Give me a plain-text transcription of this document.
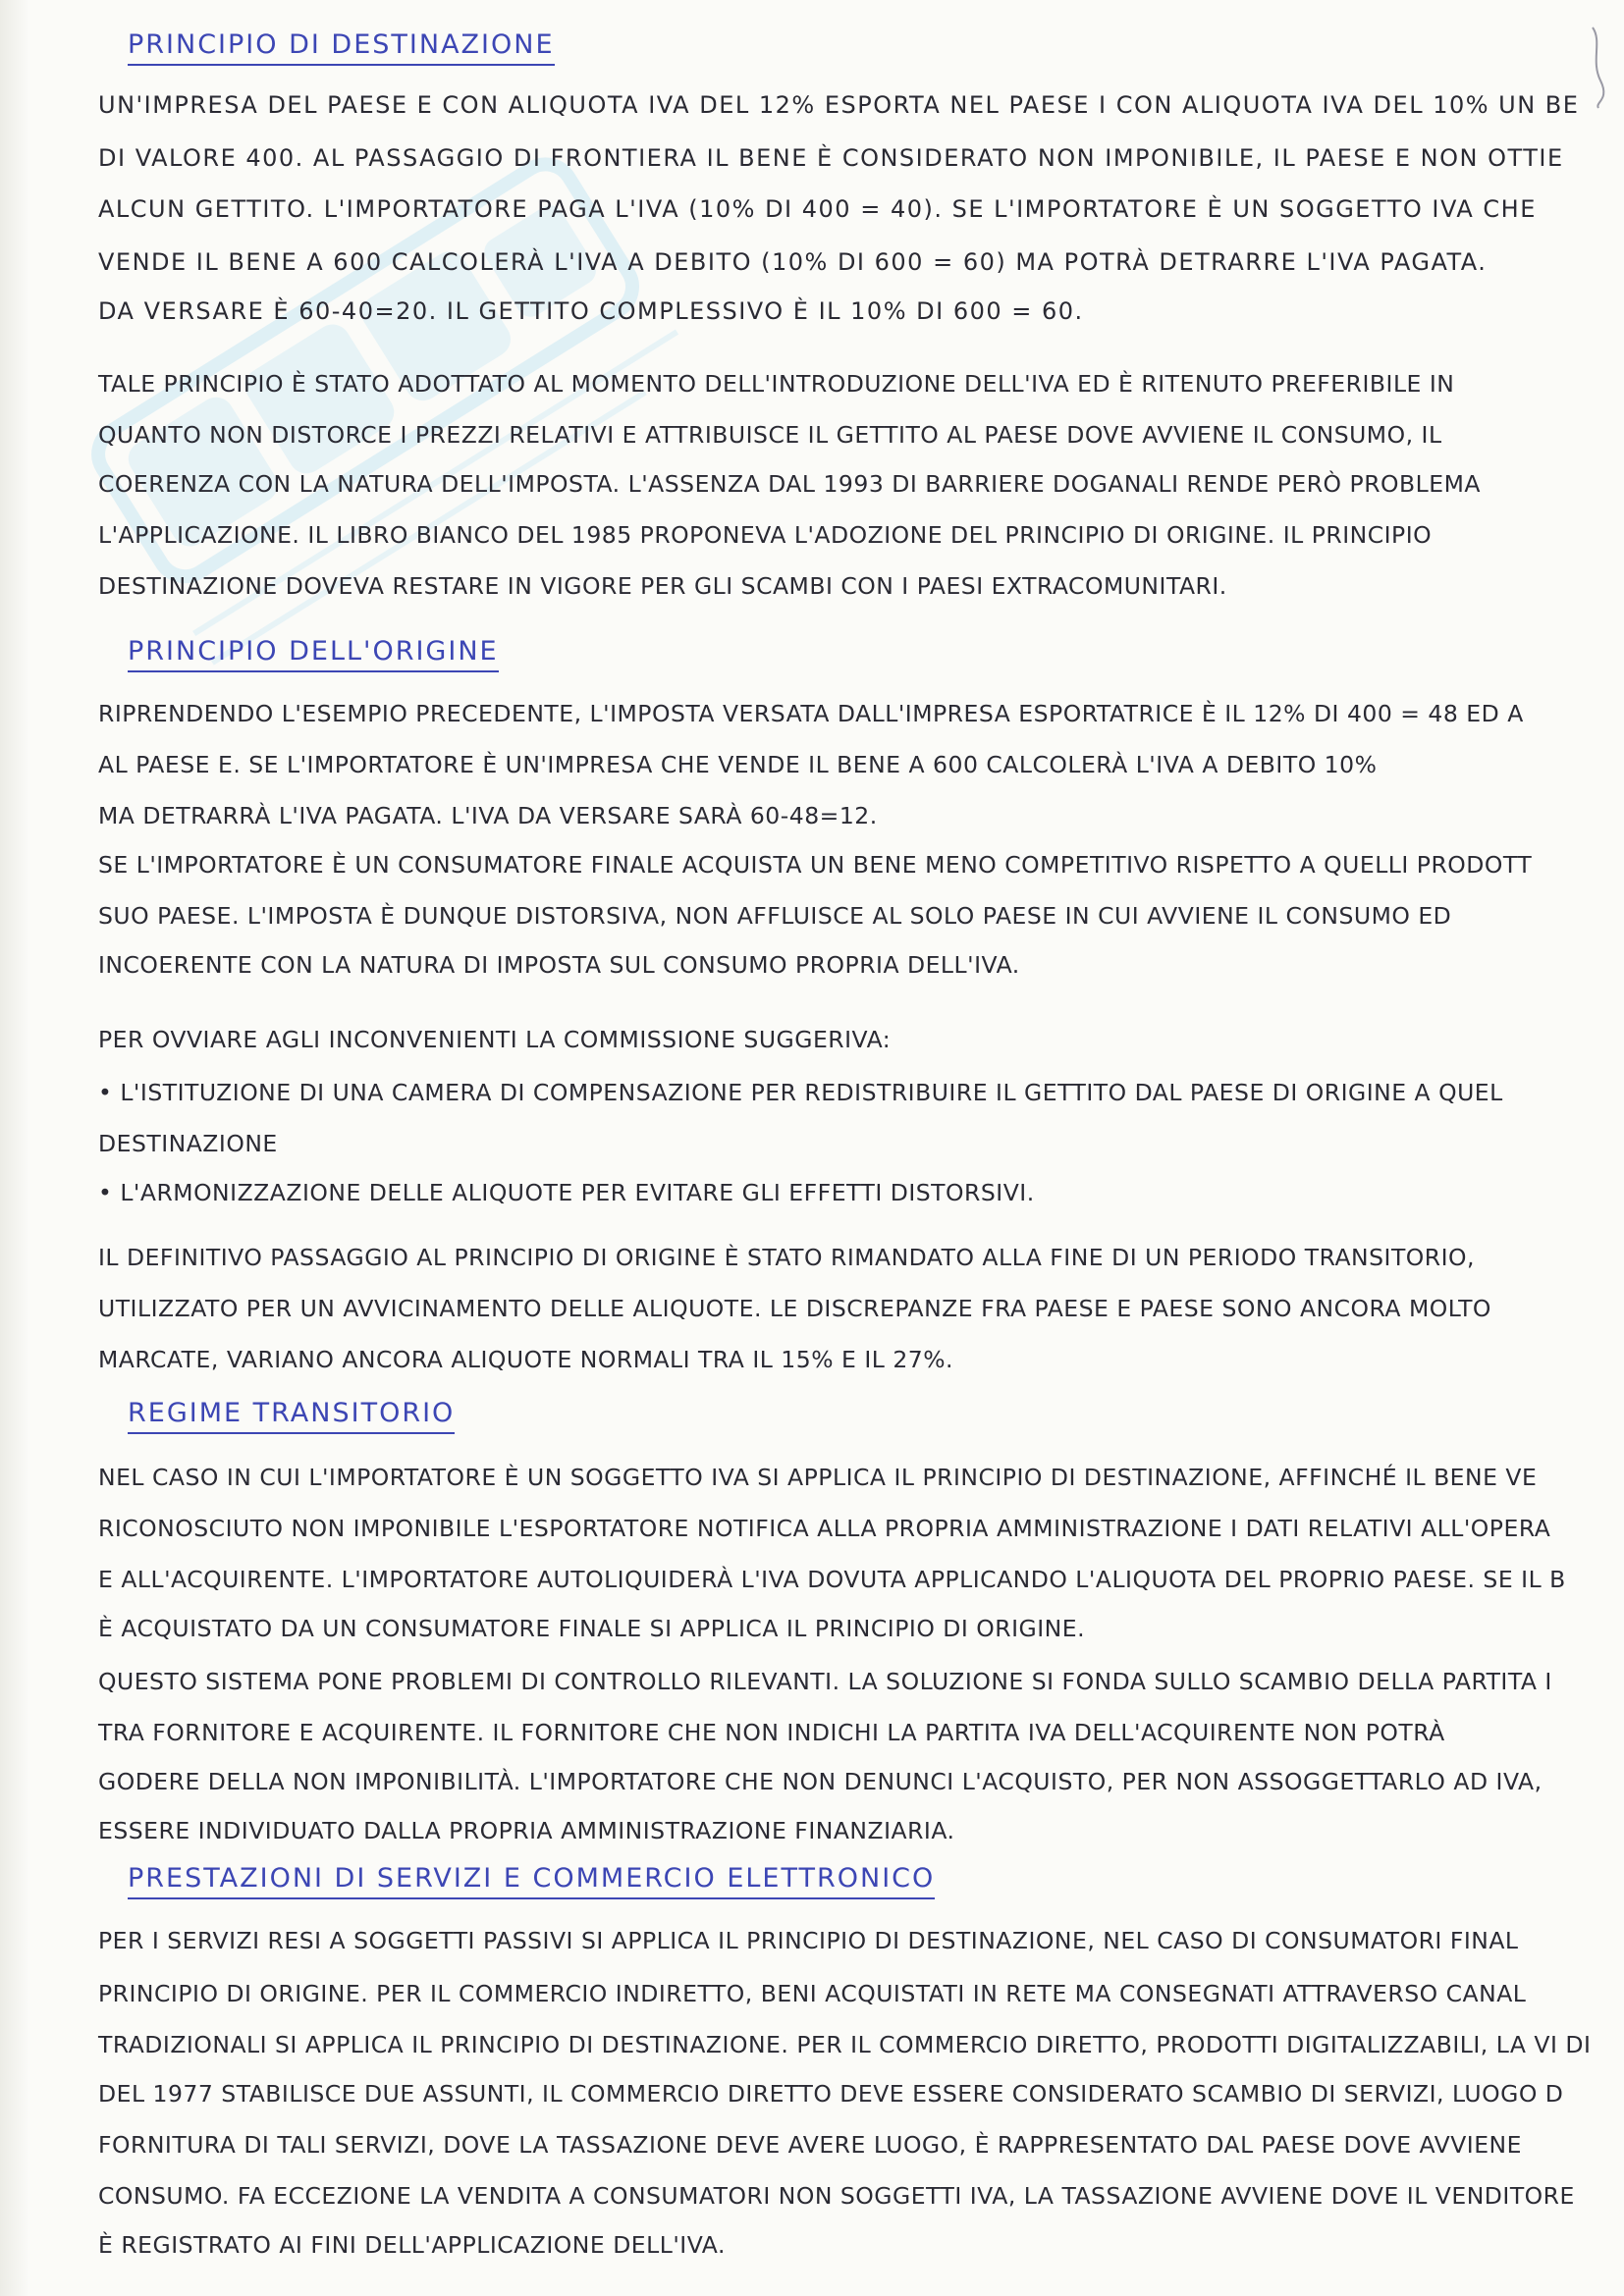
PRINCIPIO DI DESTINAZIONE

UN'IMPRESA DEL PAESE E CON ALIQUOTA IVA DEL 12% ESPORTA NEL PAESE I CON ALIQUOTA IVA DEL 10% UN BE

DI VALORE 400. AL PASSAGGIO DI FRONTIERA IL BENE È CONSIDERATO NON IMPONIBILE, IL PAESE E NON OTTIE

ALCUN GETTITO. L'IMPORTATORE PAGA L'IVA (10% DI 400 = 40). SE L'IMPORTATORE È UN SOGGETTO IVA CHE

VENDE IL BENE A 600 CALCOLERÀ L'IVA A DEBITO (10% DI 600 = 60) MA POTRÀ DETRARRE L'IVA PAGATA.

DA VERSARE È 60-40=20. IL GETTITO COMPLESSIVO È IL 10% DI 600 = 60.

TALE PRINCIPIO È STATO ADOTTATO AL MOMENTO DELL'INTRODUZIONE DELL'IVA ED È RITENUTO PREFERIBILE IN

QUANTO NON DISTORCE I PREZZI RELATIVI E ATTRIBUISCE IL GETTITO AL PAESE DOVE AVVIENE IL CONSUMO, IL

COERENZA CON LA NATURA DELL'IMPOSTA. L'ASSENZA DAL 1993 DI BARRIERE DOGANALI RENDE PERÒ PROBLEMA

L'APPLICAZIONE. IL LIBRO BIANCO DEL 1985 PROPONEVA L'ADOZIONE DEL PRINCIPIO DI ORIGINE. IL PRINCIPIO

DESTINAZIONE DOVEVA RESTARE IN VIGORE PER GLI SCAMBI CON I PAESI EXTRACOMUNITARI.

PRINCIPIO DELL'ORIGINE

RIPRENDENDO L'ESEMPIO PRECEDENTE, L'IMPOSTA VERSATA DALL'IMPRESA ESPORTATRICE È IL 12% DI 400 = 48 ED A

AL PAESE E. SE L'IMPORTATORE È UN'IMPRESA CHE VENDE IL BENE A 600 CALCOLERÀ L'IVA A DEBITO 10%

MA DETRARRÀ L'IVA PAGATA. L'IVA DA VERSARE SARÀ 60-48=12.

SE L'IMPORTATORE È UN CONSUMATORE FINALE ACQUISTA UN BENE MENO COMPETITIVO RISPETTO A QUELLI PRODOTT

SUO PAESE. L'IMPOSTA È DUNQUE DISTORSIVA, NON AFFLUISCE AL SOLO PAESE IN CUI AVVIENE IL CONSUMO ED

INCOERENTE CON LA NATURA DI IMPOSTA SUL CONSUMO PROPRIA DELL'IVA.

PER OVVIARE AGLI INCONVENIENTI LA COMMISSIONE SUGGERIVA:

• L'ISTITUZIONE DI UNA CAMERA DI COMPENSAZIONE PER REDISTRIBUIRE IL GETTITO DAL PAESE DI ORIGINE A QUEL

DESTINAZIONE

• L'ARMONIZZAZIONE DELLE ALIQUOTE PER EVITARE GLI EFFETTI DISTORSIVI.

IL DEFINITIVO PASSAGGIO AL PRINCIPIO DI ORIGINE È STATO RIMANDATO ALLA FINE DI UN PERIODO TRANSITORIO,

UTILIZZATO PER UN AVVICINAMENTO DELLE ALIQUOTE. LE DISCREPANZE FRA PAESE E PAESE SONO ANCORA MOLTO

MARCATE, VARIANO ANCORA ALIQUOTE NORMALI TRA IL 15% E IL 27%.

REGIME TRANSITORIO

NEL CASO IN CUI L'IMPORTATORE È UN SOGGETTO IVA SI APPLICA IL PRINCIPIO DI DESTINAZIONE, AFFINCHÉ IL BENE VE

RICONOSCIUTO NON IMPONIBILE L'ESPORTATORE NOTIFICA ALLA PROPRIA AMMINISTRAZIONE I DATI RELATIVI ALL'OPERA

E ALL'ACQUIRENTE. L'IMPORTATORE AUTOLIQUIDERÀ L'IVA DOVUTA APPLICANDO L'ALIQUOTA DEL PROPRIO PAESE. SE IL B

È ACQUISTATO DA UN CONSUMATORE FINALE SI APPLICA IL PRINCIPIO DI ORIGINE.

QUESTO SISTEMA PONE PROBLEMI DI CONTROLLO RILEVANTI. LA SOLUZIONE SI FONDA SULLO SCAMBIO DELLA PARTITA I

TRA FORNITORE E ACQUIRENTE. IL FORNITORE CHE NON INDICHI LA PARTITA IVA DELL'ACQUIRENTE NON POTRÀ

GODERE DELLA NON IMPONIBILITÀ. L'IMPORTATORE CHE NON DENUNCI L'ACQUISTO, PER NON ASSOGGETTARLO AD IVA,

ESSERE INDIVIDUATO DALLA PROPRIA AMMINISTRAZIONE FINANZIARIA.

PRESTAZIONI DI SERVIZI E COMMERCIO ELETTRONICO

PER I SERVIZI RESI A SOGGETTI PASSIVI SI APPLICA IL PRINCIPIO DI DESTINAZIONE, NEL CASO DI CONSUMATORI FINAL

PRINCIPIO DI ORIGINE. PER IL COMMERCIO INDIRETTO, BENI ACQUISTATI IN RETE MA CONSEGNATI ATTRAVERSO CANAL

TRADIZIONALI SI APPLICA IL PRINCIPIO DI DESTINAZIONE. PER IL COMMERCIO DIRETTO, PRODOTTI DIGITALIZZABILI, LA VI DI

DEL 1977 STABILISCE DUE ASSUNTI, IL COMMERCIO DIRETTO DEVE ESSERE CONSIDERATO SCAMBIO DI SERVIZI, LUOGO D

FORNITURA DI TALI SERVIZI, DOVE LA TASSAZIONE DEVE AVERE LUOGO, È RAPPRESENTATO DAL PAESE DOVE AVVIENE

CONSUMO. FA ECCEZIONE LA VENDITA A CONSUMATORI NON SOGGETTI IVA, LA TASSAZIONE AVVIENE DOVE IL VENDITORE

È REGISTRATO AI FINI DELL'APPLICAZIONE DELL'IVA.
